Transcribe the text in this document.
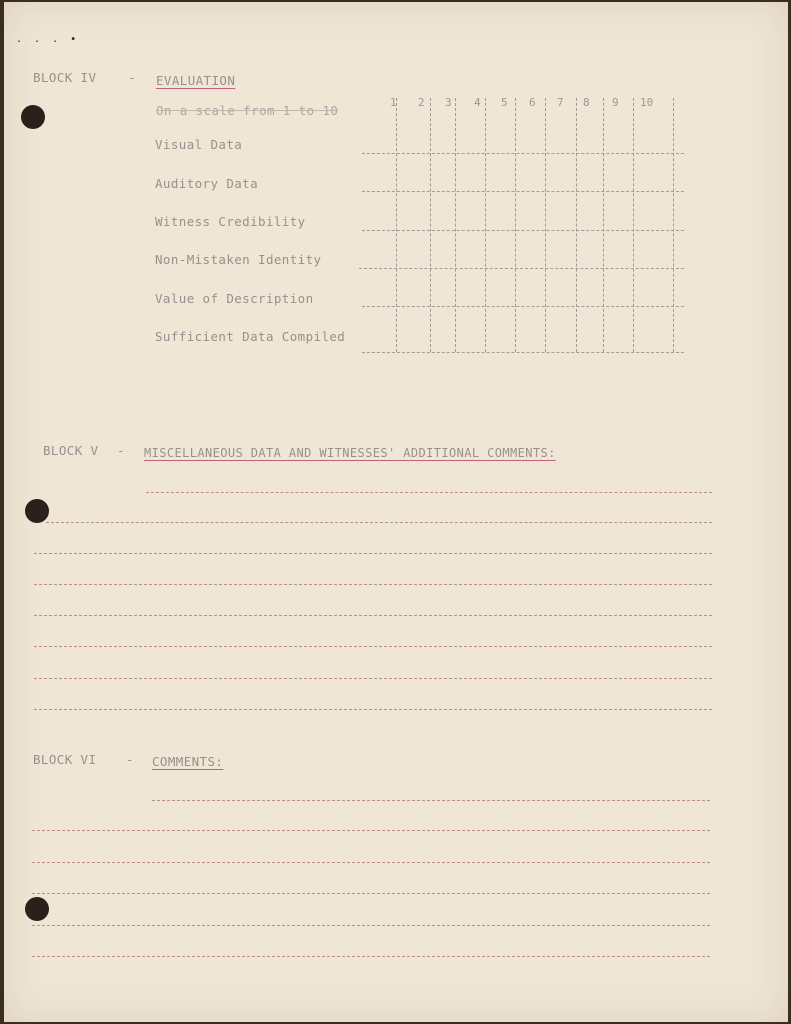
. . . •
BLOCK IV	- EVALUATION
On a scale from 1 to 10
Visual Data
Auditory Data
Witness Credibility
Non-Mistaken Identity
Value of Description
Sufficient Data Compiled
BLOCK V - MISCELLANEOUS DATA AND WITNESSES' ADDITIONAL COMMENTS:
BLOCK VI - COMMENTS:
1 2 3 4 5 6 7 8 9 10
